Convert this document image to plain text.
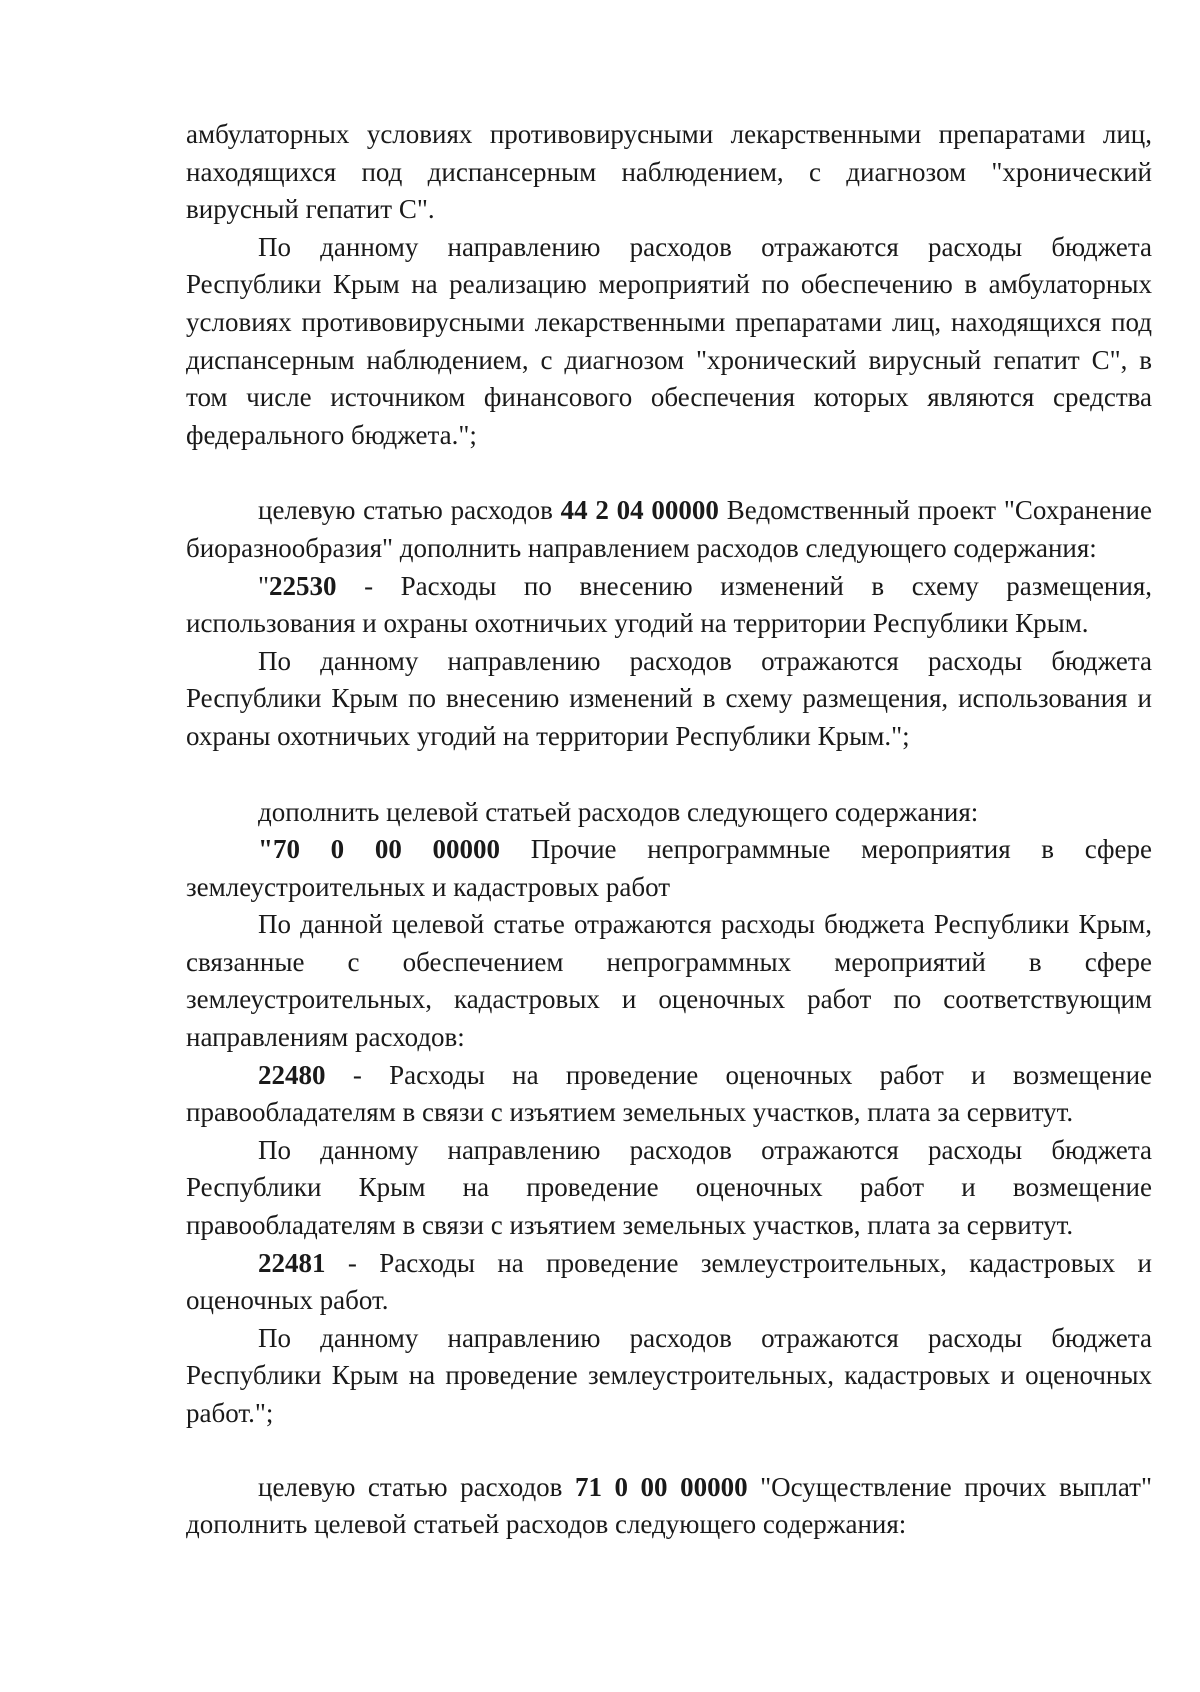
амбулаторных условиях противовирусными лекарственными препаратами лиц, находящихся под диспансерным наблюдением, с диагнозом "хронический вирусный гепатит С".

По данному направлению расходов отражаются расходы бюджета Республики Крым на реализацию мероприятий по обеспечению в амбулаторных условиях противовирусными лекарственными препаратами лиц, находящихся под диспансерным наблюдением, с диагнозом "хронический вирусный гепатит С", в том числе источником финансового обеспечения которых являются средства федерального бюджета.";

целевую статью расходов 44 2 04 00000 Ведомственный проект "Сохранение биоразнообразия" дополнить направлением расходов следующего содержания:

"22530 - Расходы по внесению изменений в схему размещения, использования и охраны охотничьих угодий на территории Республики Крым.

По данному направлению расходов отражаются расходы бюджета Республики Крым по внесению изменений в схему размещения, использования и охраны охотничьих угодий на территории Республики Крым.";

дополнить целевой статьей расходов следующего содержания:

"70 0 00 00000 Прочие непрограммные мероприятия в сфере землеустроительных и кадастровых работ

По данной целевой статье отражаются расходы бюджета Республики Крым, связанные с обеспечением непрограммных мероприятий в сфере землеустроительных, кадастровых и оценочных работ по соответствующим направлениям расходов:

22480 - Расходы на проведение оценочных работ и возмещение правообладателям в связи с изъятием земельных участков, плата за сервитут.

По данному направлению расходов отражаются расходы бюджета Республики Крым на проведение оценочных работ и возмещение правообладателям в связи с изъятием земельных участков, плата за сервитут.

22481 - Расходы на проведение землеустроительных, кадастровых и оценочных работ.

По данному направлению расходов отражаются расходы бюджета Республики Крым на проведение землеустроительных, кадастровых и оценочных работ.";

целевую статью расходов 71 0 00 00000 "Осуществление прочих выплат" дополнить целевой статьей расходов следующего содержания:
